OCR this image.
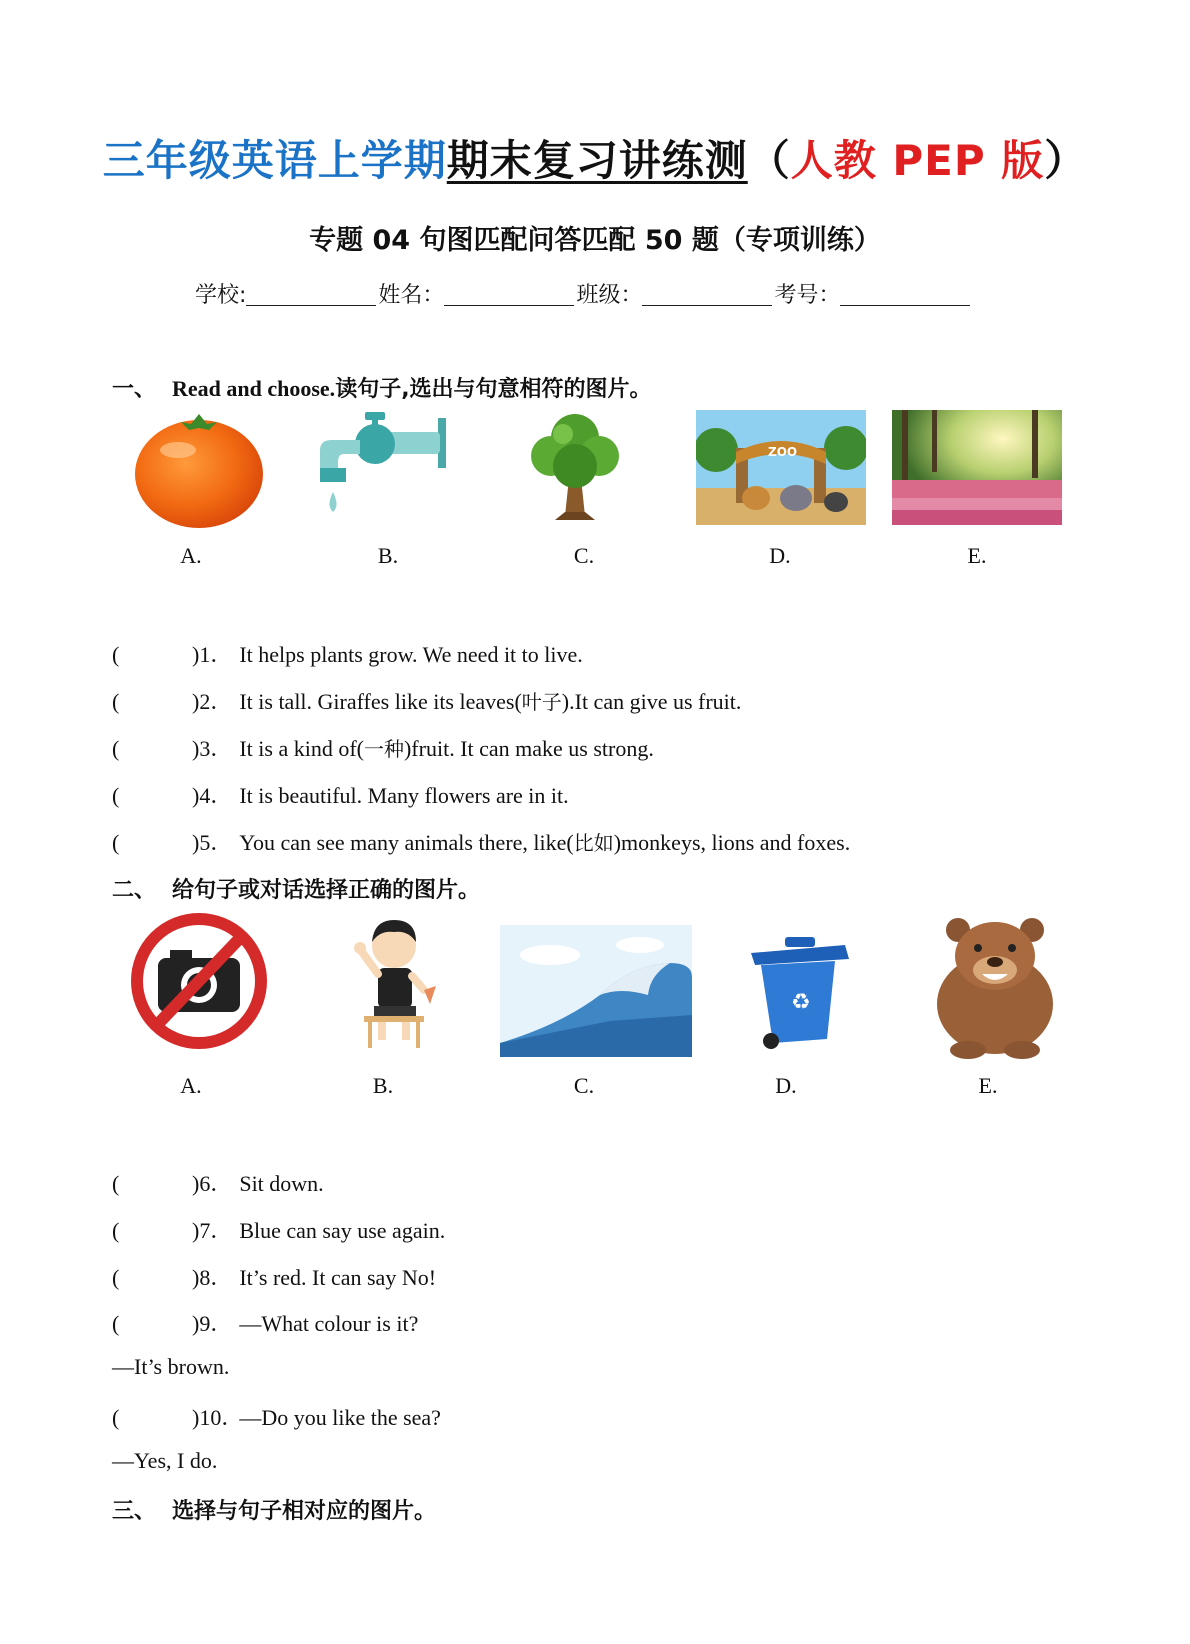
三年级英语上学期期末复习讲练测（人教 PEP 版）
专题 04 句图匹配问答匹配 50 题（专项训练）
学校:	姓名：	班级：	考号：
一、 Read and choose.读句子,选出与句意相符的图片。
ZOO
A.	B.	C.	D.	E.
(	)1． It helps plants grow. We need it to live.
(	)2． It is tall. Giraffes like its leaves(叶子).It can give us fruit.
(	)3． It is a kind of(一种)fruit. It can make us strong.
(	)4． It is beautiful. Many flowers are in it.
(	)5． You can see many animals there, like(比如)monkeys, lions and foxes.
二、 给句子或对话选择正确的图片。
♻
A.	B.	C.	D.	E.
(	)6． Sit down.
(	)7． Blue can say use again.
(	)8． It’s red. It can say No!
(	)9． —What colour is it?
—It’s brown.
(	)10．—Do you like the sea?
—Yes, I do.
三、 选择与句子相对应的图片。
